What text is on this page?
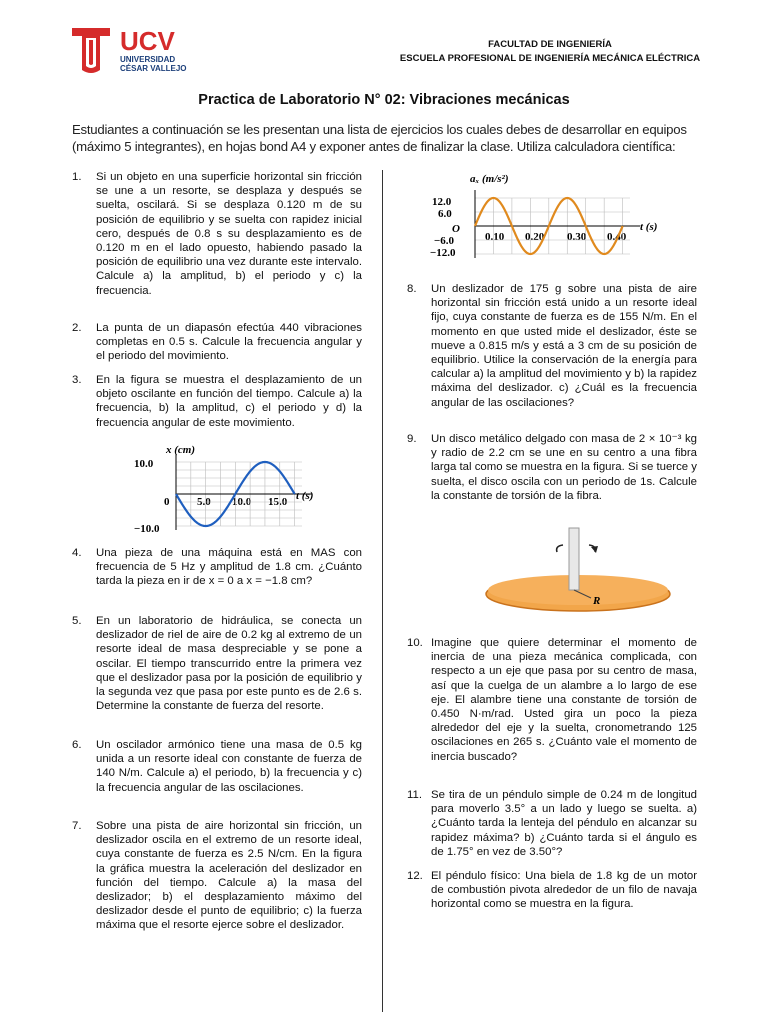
UCV
UNIVERSIDAD
CÉSAR VALLEJO
FACULTAD DE INGENIERÍA
ESCUELA PROFESIONAL DE INGENIERÍA MECÁNICA ELÉCTRICA
Practica de Laboratorio N° 02: Vibraciones mecánicas
Estudiantes a continuación se les presentan una lista de ejercicios los cuales debes de desarrollar en equipos (máximo 5 integrantes), en hojas bond A4 y exponer antes de finalizar la clase. Utiliza calculadora científica:
1. Si un objeto en una superficie horizontal sin fricción se une a un resorte, se desplaza y después se suelta, oscilará. Si se desplaza 0.120 m de su posición de equilibrio y se suelta con rapidez inicial cero, después de 0.8 s su desplazamiento es de 0.120 m en el lado opuesto, habiendo pasado la posición de equilibrio una vez durante este intervalo. Calcule a) la amplitud, b) el periodo y c) la frecuencia.
2. La punta de un diapasón efectúa 440 vibraciones completas en 0.5 s. Calcule la frecuencia angular y el periodo del movimiento.
3. En la figura se muestra el desplazamiento de un objeto oscilante en función del tiempo. Calcule a) la frecuencia, b) la amplitud, c) el periodo y d) la frecuencia angular de este movimiento.
x (cm)
t (s)
10.0
−10.0
0	5.0 10.0 15.0
4. Una pieza de una máquina está en MAS con frecuencia de 5 Hz y amplitud de 1.8 cm. ¿Cuánto tarda la pieza en ir de x = 0 a x = −1.8 cm?
5. En un laboratorio de hidráulica, se conecta un deslizador de riel de aire de 0.2 kg al extremo de un resorte ideal de masa despreciable y se pone a oscilar. El tiempo transcurrido entre la primera vez que el deslizador pasa por la posición de equilibrio y la segunda vez que pasa por este punto es de 2.6 s. Determine la constante de fuerza del resorte.
6. Un oscilador armónico tiene una masa de 0.5 kg unida a un resorte ideal con constante de fuerza de 140 N/m. Calcule a) el periodo, b) la frecuencia y c) la frecuencia angular de las oscilaciones.
7. Sobre una pista de aire horizontal sin fricción, un deslizador oscila en el extremo de un resorte ideal, cuya constante de fuerza es 2.5 N/cm. En la figura la gráfica muestra la aceleración del deslizador en función del tiempo. Calcule a) la masa del deslizador; b) el desplazamiento máximo del deslizador desde el punto de equilibrio; c) la fuerza máxima que el resorte ejerce sobre el deslizador.
aₓ (m/s²)
t (s)
12.0
6.0
O
−6.0
−12.0
0.10 0.20 0.30 0.40
8. Un deslizador de 175 g sobre una pista de aire horizontal sin fricción está unido a un resorte ideal fijo, cuya constante de fuerza es de 155 N/m. En el momento en que usted mide el deslizador, éste se mueve a 0.815 m/s y está a 3 cm de su posición de equilibrio. Utilice la conservación de la energía para calcular a) la amplitud del movimiento y b) la rapidez máxima del deslizador. c) ¿Cuál es la frecuencia angular de las oscilaciones?
9. Un disco metálico delgado con masa de 2 × 10⁻³ kg y radio de 2.2 cm se une en su centro a una fibra larga tal como se muestra en la figura. Si se tuerce y suelta, el disco oscila con un periodo de 1s. Calcule la constante de torsión de la fibra.
R
10. Imagine que quiere determinar el momento de inercia de una pieza mecánica complicada, con respecto a un eje que pasa por su centro de masa, así que la cuelga de un alambre a lo largo de ese eje. El alambre tiene una constante de torsión de 0.450 N·m/rad. Usted gira un poco la pieza alrededor del eje y la suelta, cronometrando 125 oscilaciones en 265 s. ¿Cuánto vale el momento de inercia buscado?
11. Se tira de un péndulo simple de 0.24 m de longitud para moverlo 3.5° a un lado y luego se suelta. a) ¿Cuánto tarda la lenteja del péndulo en alcanzar su rapidez máxima? b) ¿Cuánto tarda si el ángulo es de 1.75° en vez de 3.50°?
12. El péndulo físico: Una biela de 1.8 kg de un motor de combustión pivota alrededor de un filo de navaja horizontal como se muestra en la figura.
